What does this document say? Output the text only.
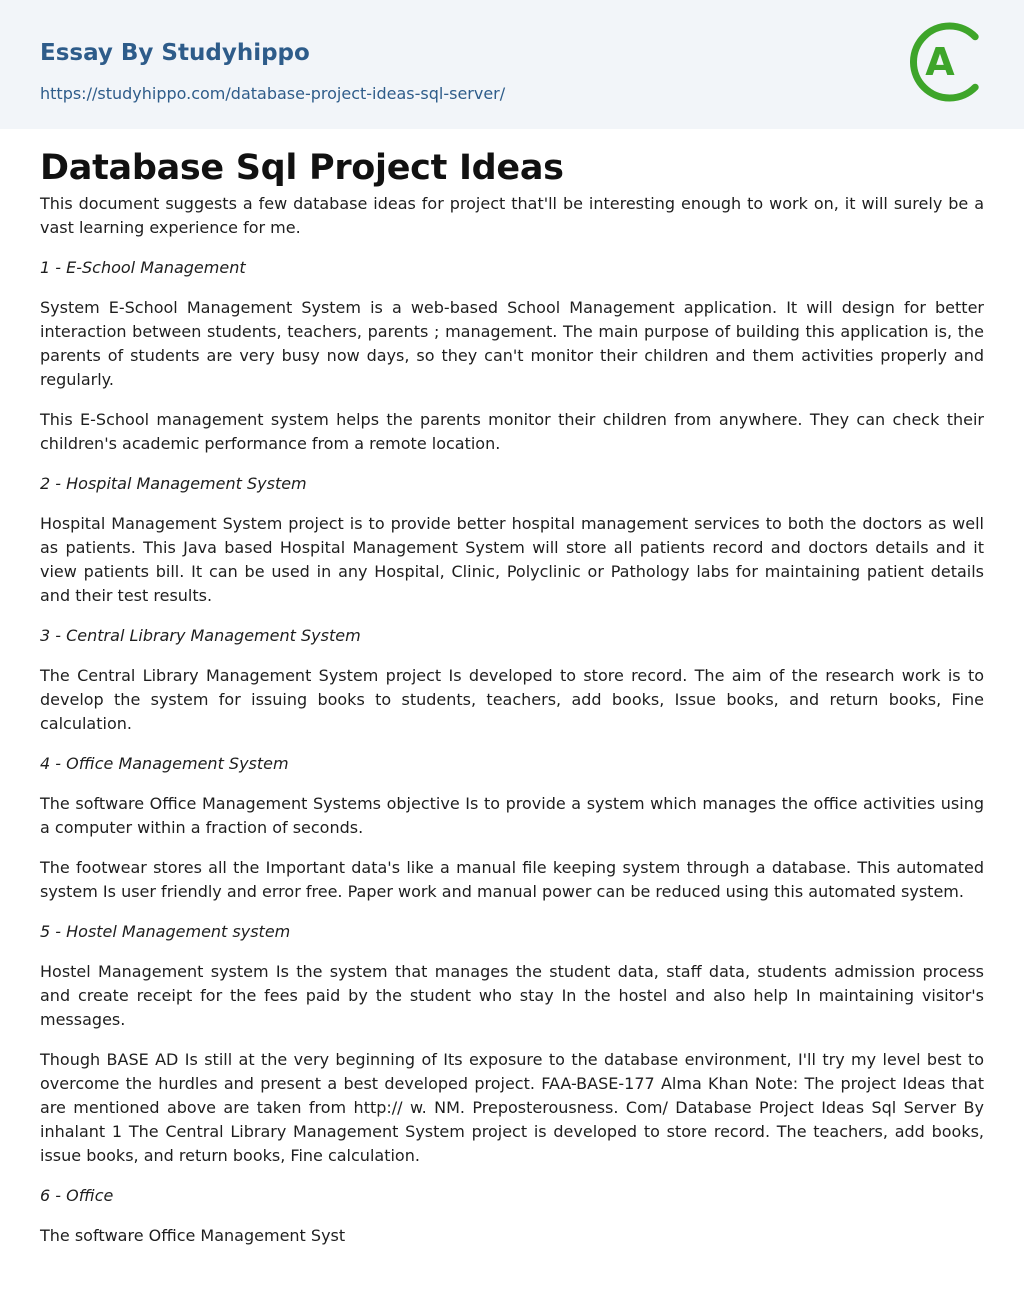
Essay By Studyhippo
https://studyhippo.com/database-project-ideas-sql-server/
A
Database Sql Project Ideas

This document suggests a few database ideas for project that'll be interesting enough to work on, it will surely be a vast learning experience for me.

1 - E-School Management

System E-School Management System is a web-based School Management application. It will design for better interaction between students, teachers, parents ; management. The main purpose of building this application is, the parents of students are very busy now days, so they can't monitor their children and them activities properly and regularly.

This E-School management system helps the parents monitor their children from anywhere. They can check their children's academic performance from a remote location.

2 - Hospital Management System

Hospital Management System project is to provide better hospital management services to both the doctors as well as patients. This Java based Hospital Management System will store all patients record and doctors details and it view patients bill. It can be used in any Hospital, Clinic, Polyclinic or Pathology labs for maintaining patient details and their test results.

3 - Central Library Management System

The Central Library Management System project Is developed to store record. The aim of the research work is to develop the system for issuing books to students, teachers, add books, Issue books, and return books, Fine calculation.

4 - Office Management System

The software Office Management Systems objective Is to provide a system which manages the office activities using a computer within a fraction of seconds.

The footwear stores all the Important data's like a manual file keeping system through a database. This automated system Is user friendly and error free. Paper work and manual power can be reduced using this automated system.

5 - Hostel Management system

Hostel Management system Is the system that manages the student data, staff data, students admission process and create receipt for the fees paid by the student who stay In the hostel and also help In maintaining visitor's messages.

Though BASE AD Is still at the very beginning of Its exposure to the database environment, I'll try my level best to overcome the hurdles and present a best developed project. FAA-BASE-177 Alma Khan Note: The project Ideas that are mentioned above are taken from http:// w. NM. Preposterousness. Com/ Database Project Ideas Sql Server By inhalant 1 The Central Library Management System project is developed to store record. The teachers, add books, issue books, and return books, Fine calculation.

6 - Office

The software Office Management Syst
